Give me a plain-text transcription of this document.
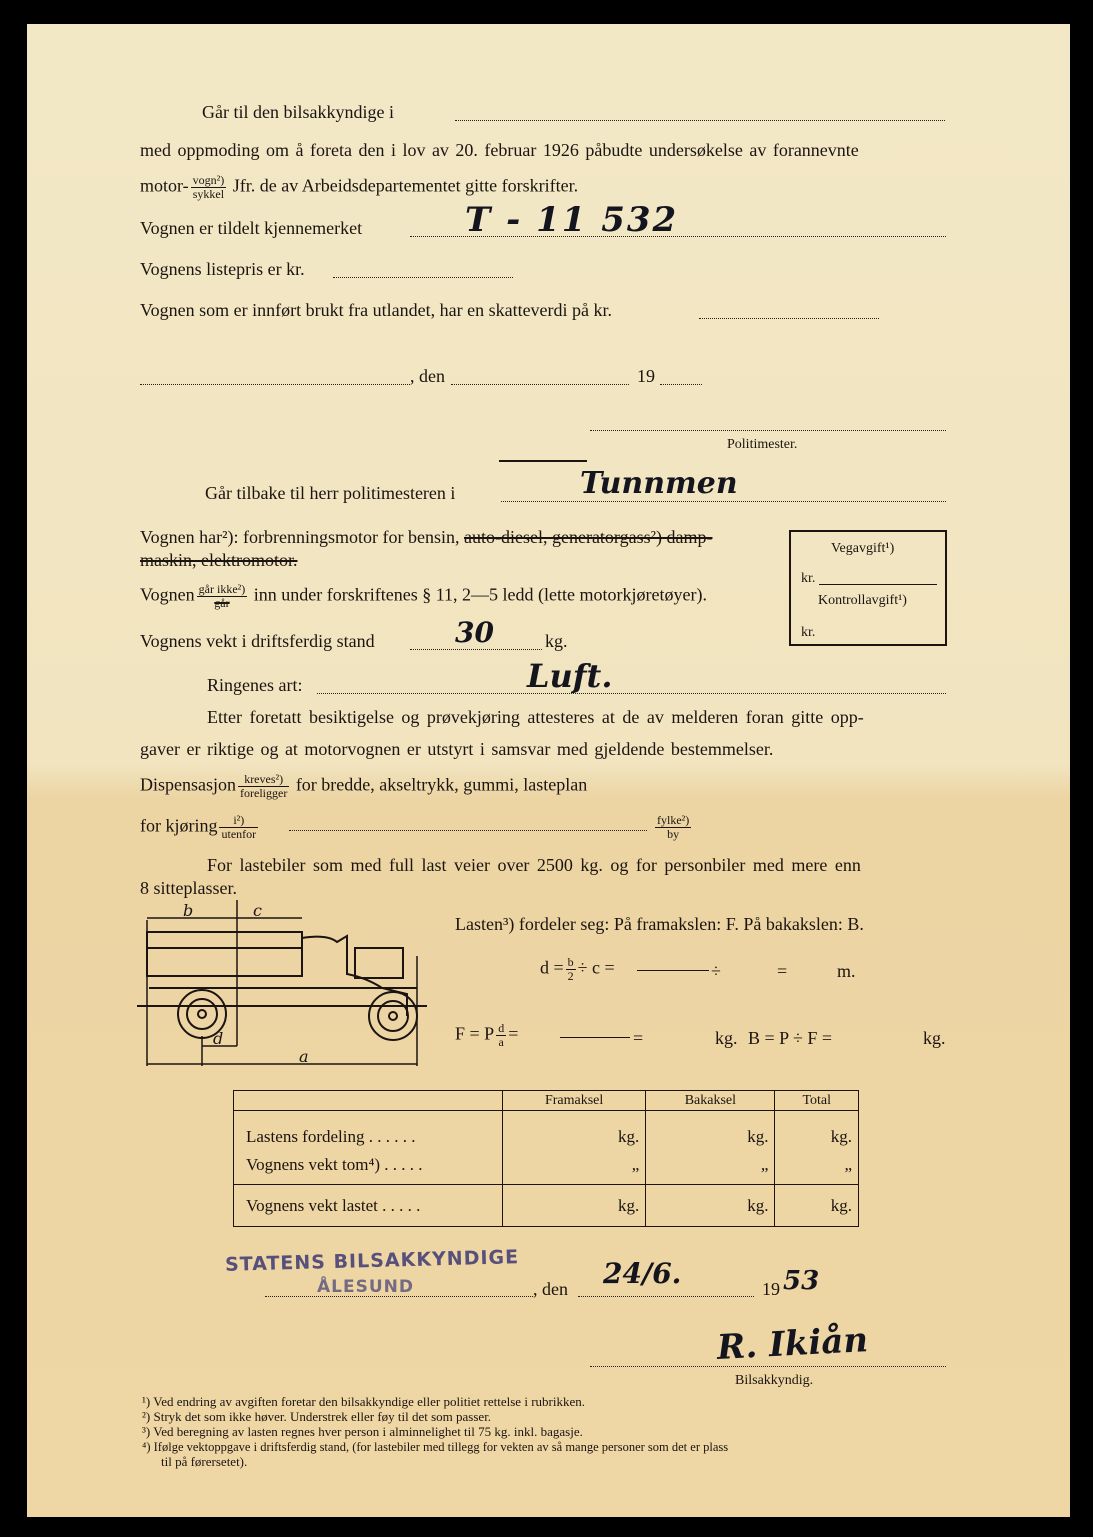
Går til den bilsakkyndige i
med oppmoding om å foreta den i lov av 20. februar 1926 påbudte undersøkelse av forannevnte
motor- $\frac{\text{vogn²)}}{\text{sykkel}}$ Jfr. de av Arbeidsdepartementet gitte forskrifter.
Vognen er tildelt kjennemerket	T - 11 532
Vognens listepris er kr.
Vognen som er innført brukt fra utlandet, har en skatteverdi på kr.
, den	19
Politimester.
Går tilbake til herr politimesteren i	Tunnmen
Vognen har²): forbrenningsmotor for bensin, auto-diesel, generatorgass²) damp-
maskin, elektromotor.
Vognen $\frac{\text{går ikke²)}}{\text{går}}$ inn under forskriftenes § 11, 2—5 ledd (lette motorkjøretøyer).
Vognens vekt i driftsferdig stand	30	kg.
Ringenes art:	Luft.
Vegavgift¹)
kr.
Kontrollavgift¹)
kr.
Etter foretatt besiktigelse og prøvekjøring attesteres at de av melderen foran gitte opp-
gaver er riktige og at motorvognen er utstyrt i samsvar med gjeldende bestemmelser.
Dispensasjon $\frac{\text{kreves²)}}{\text{foreligger}}$ for bredde, akseltrykk, gummi, lasteplan
for kjøring $\frac{\text{i²)}}{\text{utenfor}}$	$\frac{\text{fylke²)}}{by}$
For lastebiler som med full last veier over 2500 kg. og for personbiler med mere enn
8 sitteplasser.
b	c
d
a
Lasten³) fordeler seg: På framakslen: F. På bakakslen: B.
$d = \frac{b}{2} \div c$ =	÷	=	m.
F = P $\frac{d}{a}$ =	=	kg. B = P ÷ F =	kg.
	Framaksel	Bakaksel	Total
Lastens fordeling . . . . . .	kg.	kg.	kg.
Vognens vekt tom⁴) . . . . .	„	„	„
Vognens vekt lastet . . . . .	kg.	kg.	kg.
STATENS BILSAKKYNDIGE
ÅLESUND	, den 24/6.	19 53
R. Ikiån
Bilsakkyndig.
¹) Ved endring av avgiften foretar den bilsakkyndige eller politiet rettelse i rubrikken.
²) Stryk det som ikke høver. Understrek eller føy til det som passer.
³) Ved beregning av lasten regnes hver person i alminnelighet til 75 kg. inkl. bagasje.
⁴) Ifølge vektoppgave i driftsferdig stand, (for lastebiler med tillegg for vekten av så mange personer som det er plass
til på førersetet).
